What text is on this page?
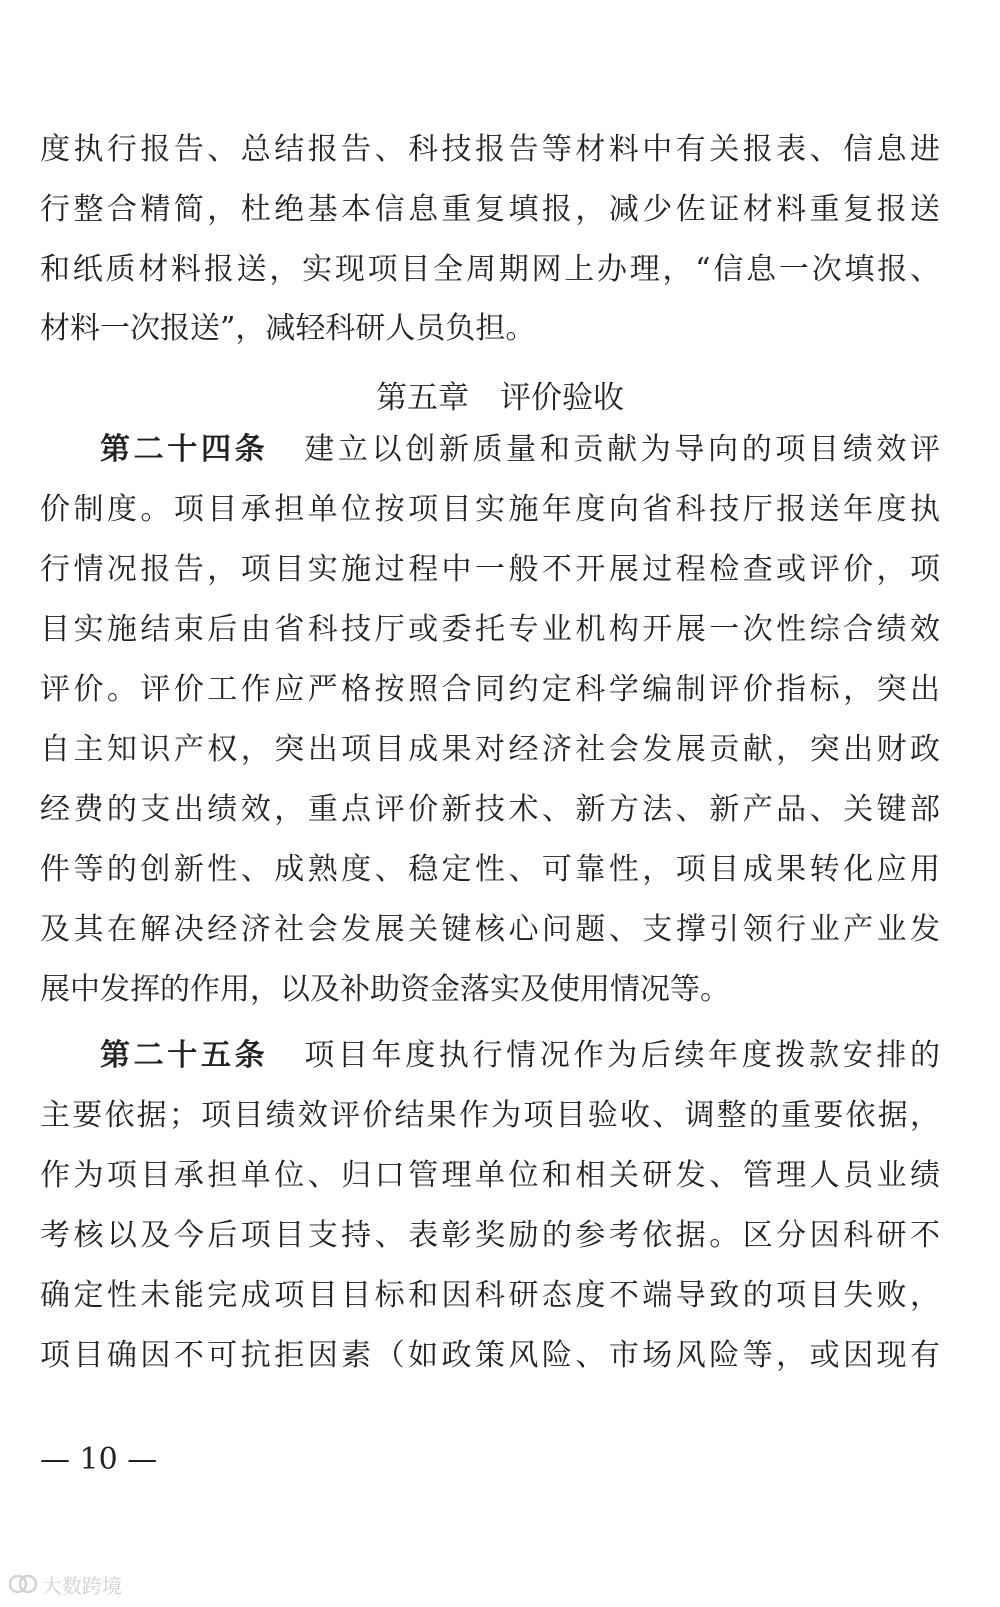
度执行报告、总结报告、科技报告等材料中有关报表、信息进
行整合精简，杜绝基本信息重复填报，减少佐证材料重复报送
和纸质材料报送，实现项目全周期网上办理，“信息一次填报、
材料一次报送”，减轻科研人员负担。
第五章　评价验收
第二十四条 建立以创新质量和贡献为导向的项目绩效评
价制度。项目承担单位按项目实施年度向省科技厅报送年度执
行情况报告，项目实施过程中一般不开展过程检查或评价，项
目实施结束后由省科技厅或委托专业机构开展一次性综合绩效
评价。评价工作应严格按照合同约定科学编制评价指标，突出
自主知识产权，突出项目成果对经济社会发展贡献，突出财政
经费的支出绩效，重点评价新技术、新方法、新产品、关键部
件等的创新性、成熟度、稳定性、可靠性，项目成果转化应用
及其在解决经济社会发展关键核心问题、支撑引领行业产业发
展中发挥的作用，以及补助资金落实及使用情况等。
第二十五条 项目年度执行情况作为后续年度拨款安排的
主要依据；项目绩效评价结果作为项目验收、调整的重要依据，
作为项目承担单位、归口管理单位和相关研发、管理人员业绩
考核以及今后项目支持、表彰奖励的参考依据。区分因科研不
确定性未能完成项目目标和因科研态度不端导致的项目失败，
项目确因不可抗拒因素（如政策风险、市场风险等，或因现有
— 10 —
大数跨境
